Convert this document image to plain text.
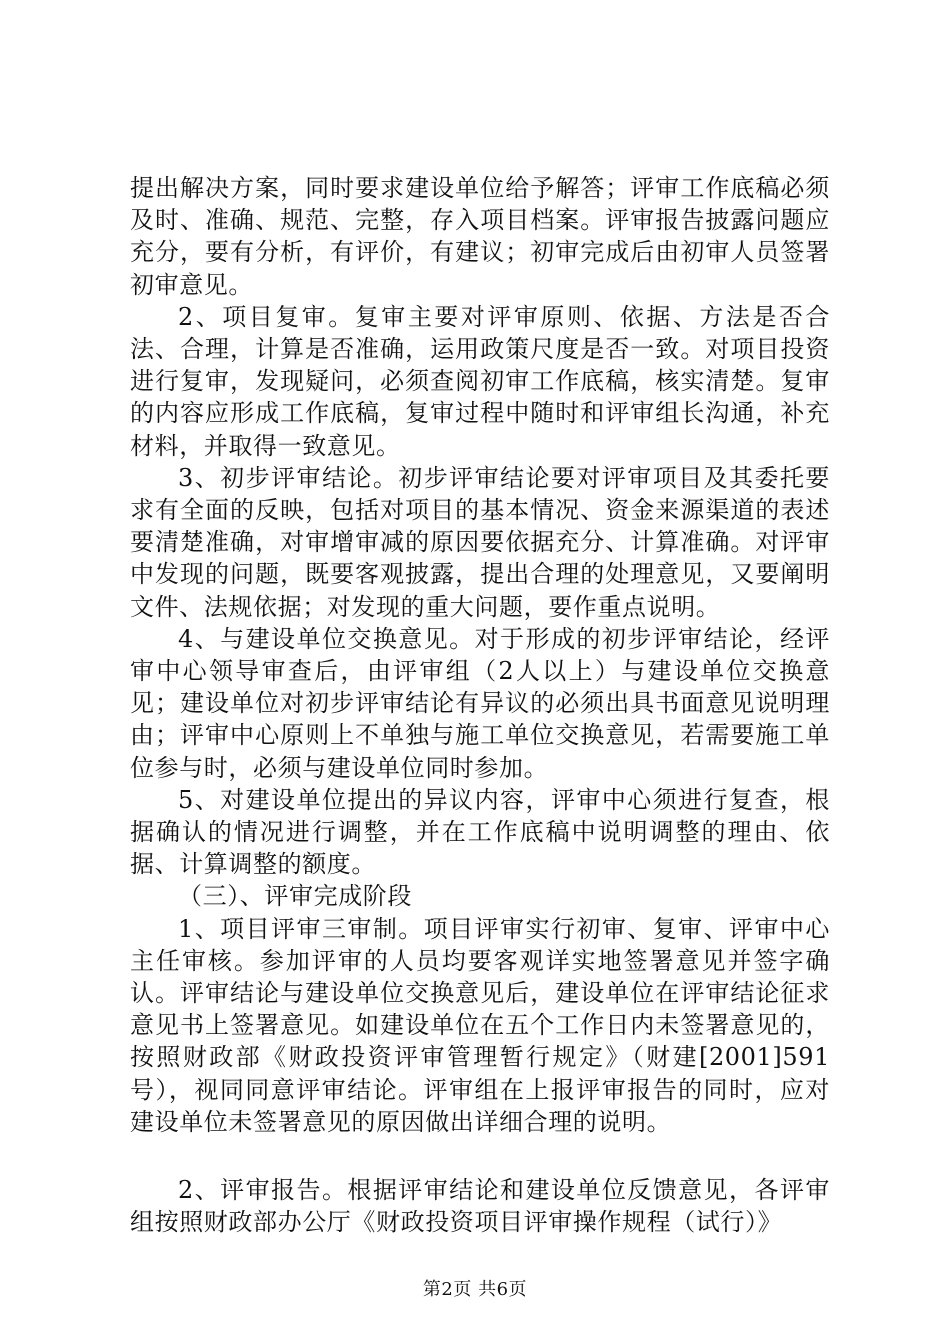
提出解决方案，同时要求建设单位给予解答；评审工作底稿必须及时、准确、规范、完整，存入项目档案。评审报告披露问题应充分，要有分析，有评价，有建议；初审完成后由初审人员签署初审意见。

2、项目复审。复审主要对评审原则、依据、方法是否合法、合理，计算是否准确，运用政策尺度是否一致。对项目投资进行复审，发现疑问，必须查阅初审工作底稿，核实清楚。复审的内容应形成工作底稿，复审过程中随时和评审组长沟通，补充材料，并取得一致意见。

3、初步评审结论。初步评审结论要对评审项目及其委托要求有全面的反映，包括对项目的基本情况、资金来源渠道的表述要清楚准确，对审增审减的原因要依据充分、计算准确。对评审中发现的问题，既要客观披露，提出合理的处理意见，又要阐明文件、法规依据；对发现的重大问题，要作重点说明。

4、与建设单位交换意见。对于形成的初步评审结论，经评审中心领导审查后，由评审组（2人以上）与建设单位交换意见；建设单位对初步评审结论有异议的必须出具书面意见说明理由；评审中心原则上不单独与施工单位交换意见，若需要施工单位参与时，必须与建设单位同时参加。

5、对建设单位提出的异议内容，评审中心须进行复查，根据确认的情况进行调整，并在工作底稿中说明调整的理由、依据、计算调整的额度。

（三）、评审完成阶段

1、项目评审三审制。项目评审实行初审、复审、评审中心主任审核。参加评审的人员均要客观详实地签署意见并签字确认。评审结论与建设单位交换意见后，建设单位在评审结论征求意见书上签署意见。如建设单位在五个工作日内未签署意见的，按照财政部《财政投资评审管理暂行规定》（财建[2001]591号），视同同意评审结论。评审组在上报评审报告的同时，应对建设单位未签署意见的原因做出详细合理的说明。

2、评审报告。根据评审结论和建设单位反馈意见，各评审组按照财政部办公厅《财政投资项目评审操作规程（试行）》

第2页 共6页
